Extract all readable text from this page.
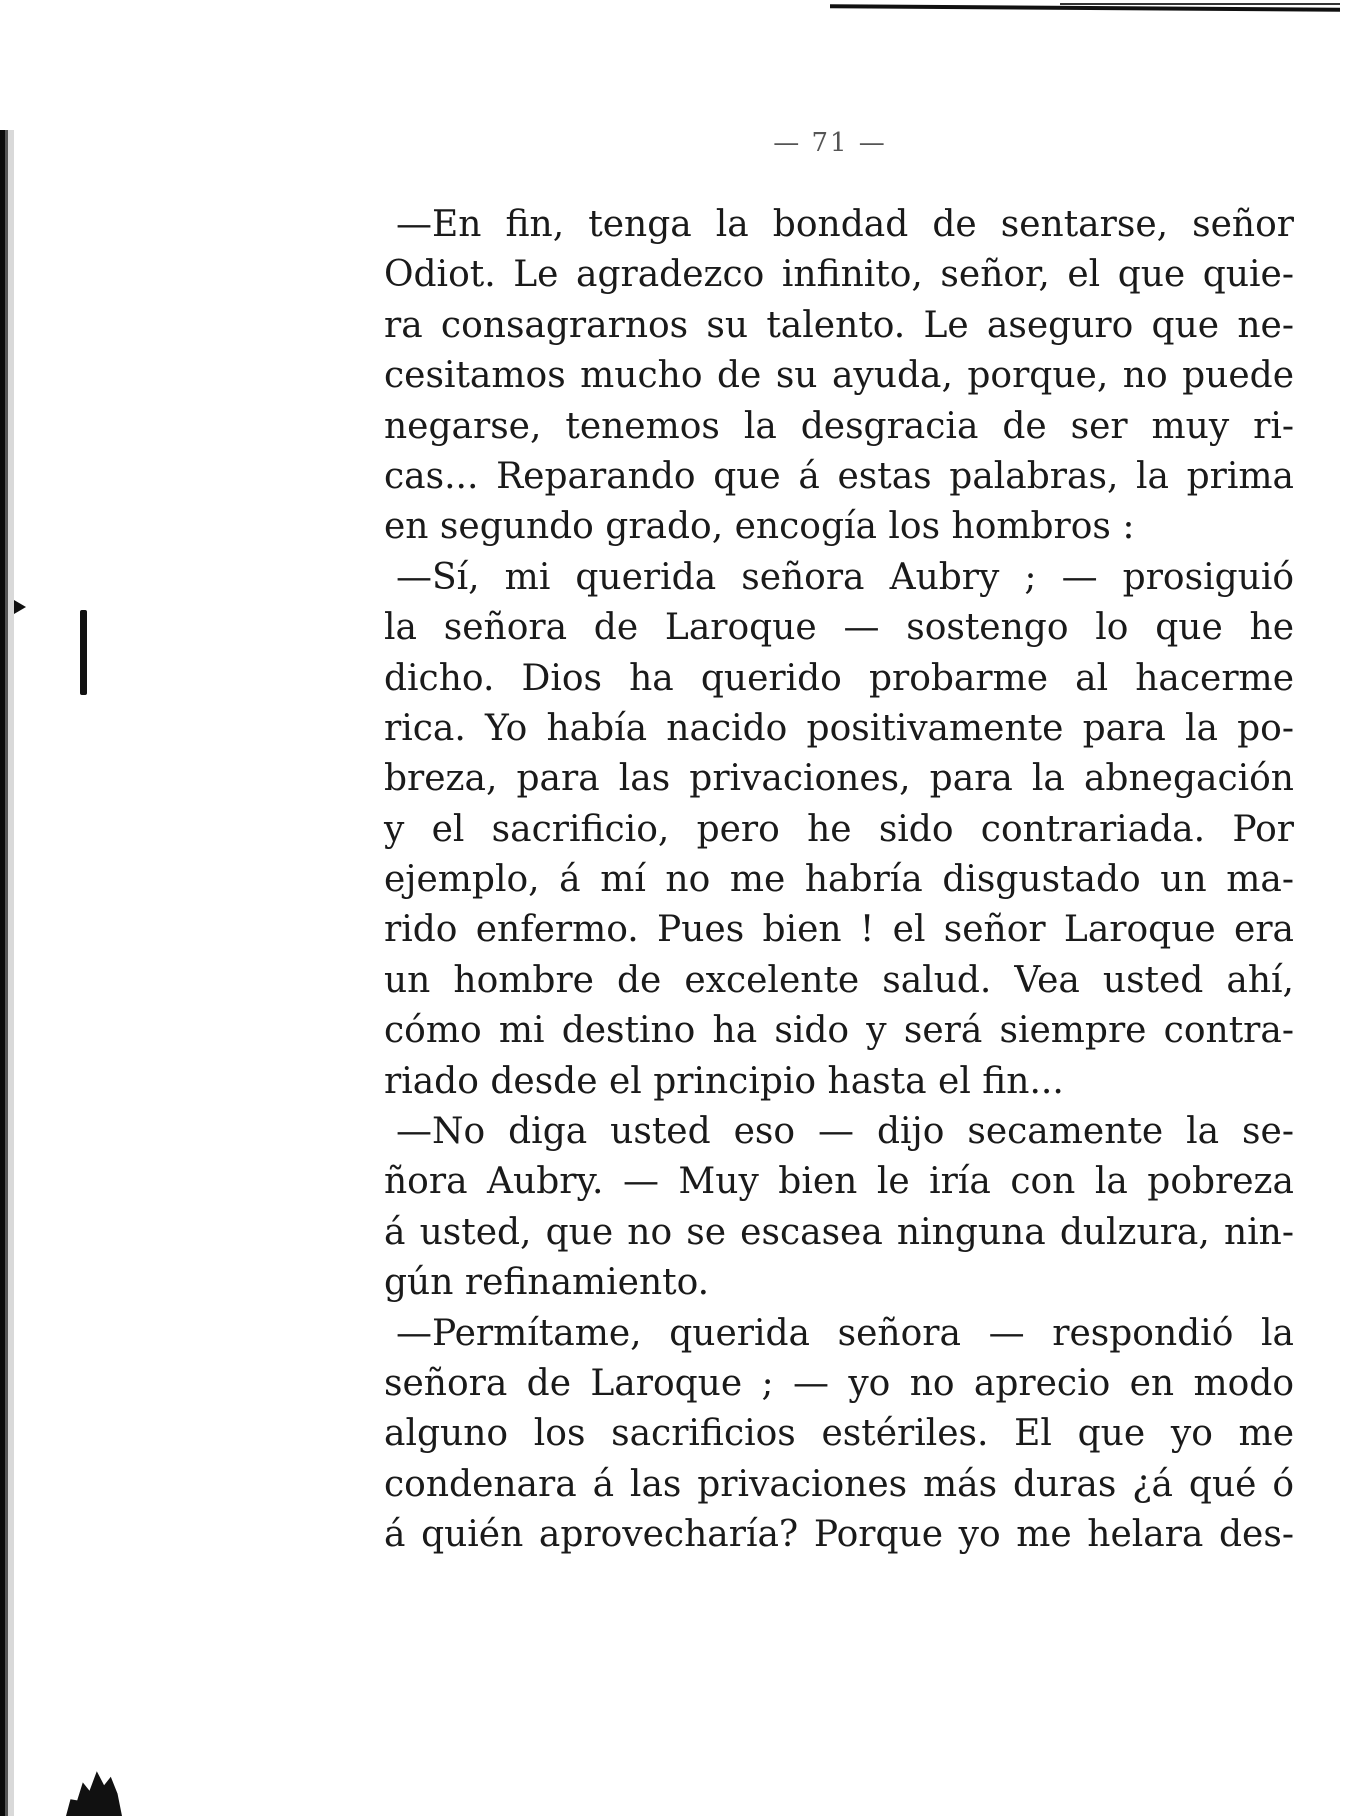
— 71 —
—En fin, tenga la bondad de sentarse, señor
Odiot. Le agradezco infinito, señor, el que quie-
ra consagrarnos su talento. Le aseguro que ne-
cesitamos mucho de su ayuda, porque, no puede
negarse, tenemos la desgracia de ser muy ri-
cas... Reparando que á estas palabras, la prima
en segundo grado, encogía los hombros :
—Sí, mi querida señora Aubry ; — prosiguió
la señora de Laroque — sostengo lo que he
dicho. Dios ha querido probarme al hacerme
rica. Yo había nacido positivamente para la po-
breza, para las privaciones, para la abnegación
y el sacrificio, pero he sido contrariada. Por
ejemplo, á mí no me habría disgustado un ma-
rido enfermo. Pues bien ! el señor Laroque era
un hombre de excelente salud. Vea usted ahí,
cómo mi destino ha sido y será siempre contra-
riado desde el principio hasta el fin...
—No diga usted eso — dijo secamente la se-
ñora Aubry. — Muy bien le iría con la pobreza
á usted, que no se escasea ninguna dulzura, nin-
gún refinamiento.
—Permítame, querida señora — respondió la
señora de Laroque ; — yo no aprecio en modo
alguno los sacrificios estériles. El que yo me
condenara á las privaciones más duras ¿á qué ó
á quién aprovecharía? Porque yo me helara des-
